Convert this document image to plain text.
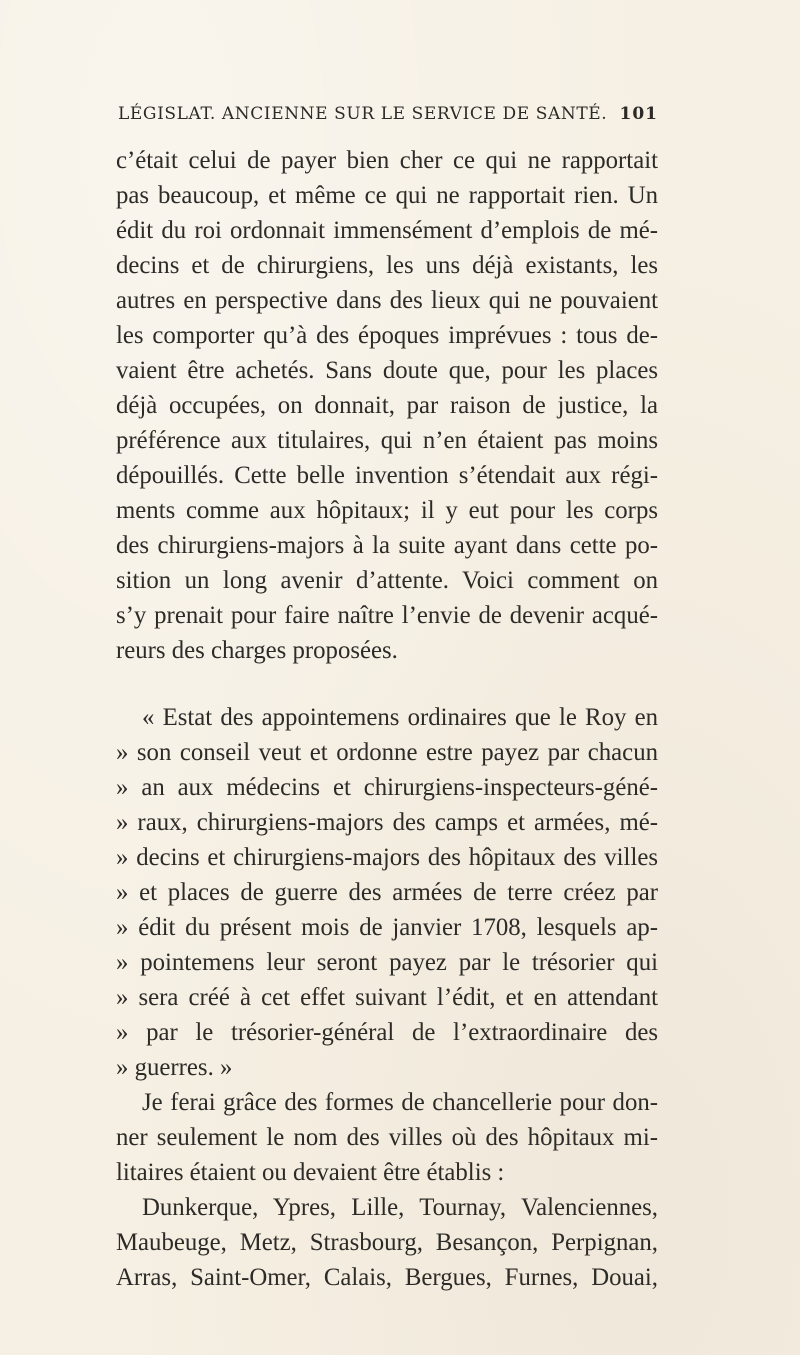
LÉGISLAT. ANCIENNE SUR LE SERVICE DE SANTÉ. 101
c’était celui de payer bien cher ce qui ne rapportait
pas beaucoup, et même ce qui ne rapportait rien. Un
édit du roi ordonnait immensément d’emplois de mé-
decins et de chirurgiens, les uns déjà existants, les
autres en perspective dans des lieux qui ne pouvaient
les comporter qu’à des époques imprévues : tous de-
vaient être achetés. Sans doute que, pour les places
déjà occupées, on donnait, par raison de justice, la
préférence aux titulaires, qui n’en étaient pas moins
dépouillés. Cette belle invention s’étendait aux régi-
ments comme aux hôpitaux; il y eut pour les corps
des chirurgiens-majors à la suite ayant dans cette po-
sition un long avenir d’attente. Voici comment on
s’y prenait pour faire naître l’envie de devenir acqué-
reurs des charges proposées.
« Estat des appointemens ordinaires que le Roy en
» son conseil veut et ordonne estre payez par chacun
» an aux médecins et chirurgiens-inspecteurs-géné-
» raux, chirurgiens-majors des camps et armées, mé-
» decins et chirurgiens-majors des hôpitaux des villes
» et places de guerre des armées de terre créez par
» édit du présent mois de janvier 1708, lesquels ap-
» pointemens leur seront payez par le trésorier qui
» sera créé à cet effet suivant l’édit, et en attendant
» par le trésorier-général de l’extraordinaire des
» guerres. »
Je ferai grâce des formes de chancellerie pour don-
ner seulement le nom des villes où des hôpitaux mi-
litaires étaient ou devaient être établis :
Dunkerque, Ypres, Lille, Tournay, Valenciennes,
Maubeuge, Metz, Strasbourg, Besançon, Perpignan,
Arras, Saint-Omer, Calais, Bergues, Furnes, Douai,
